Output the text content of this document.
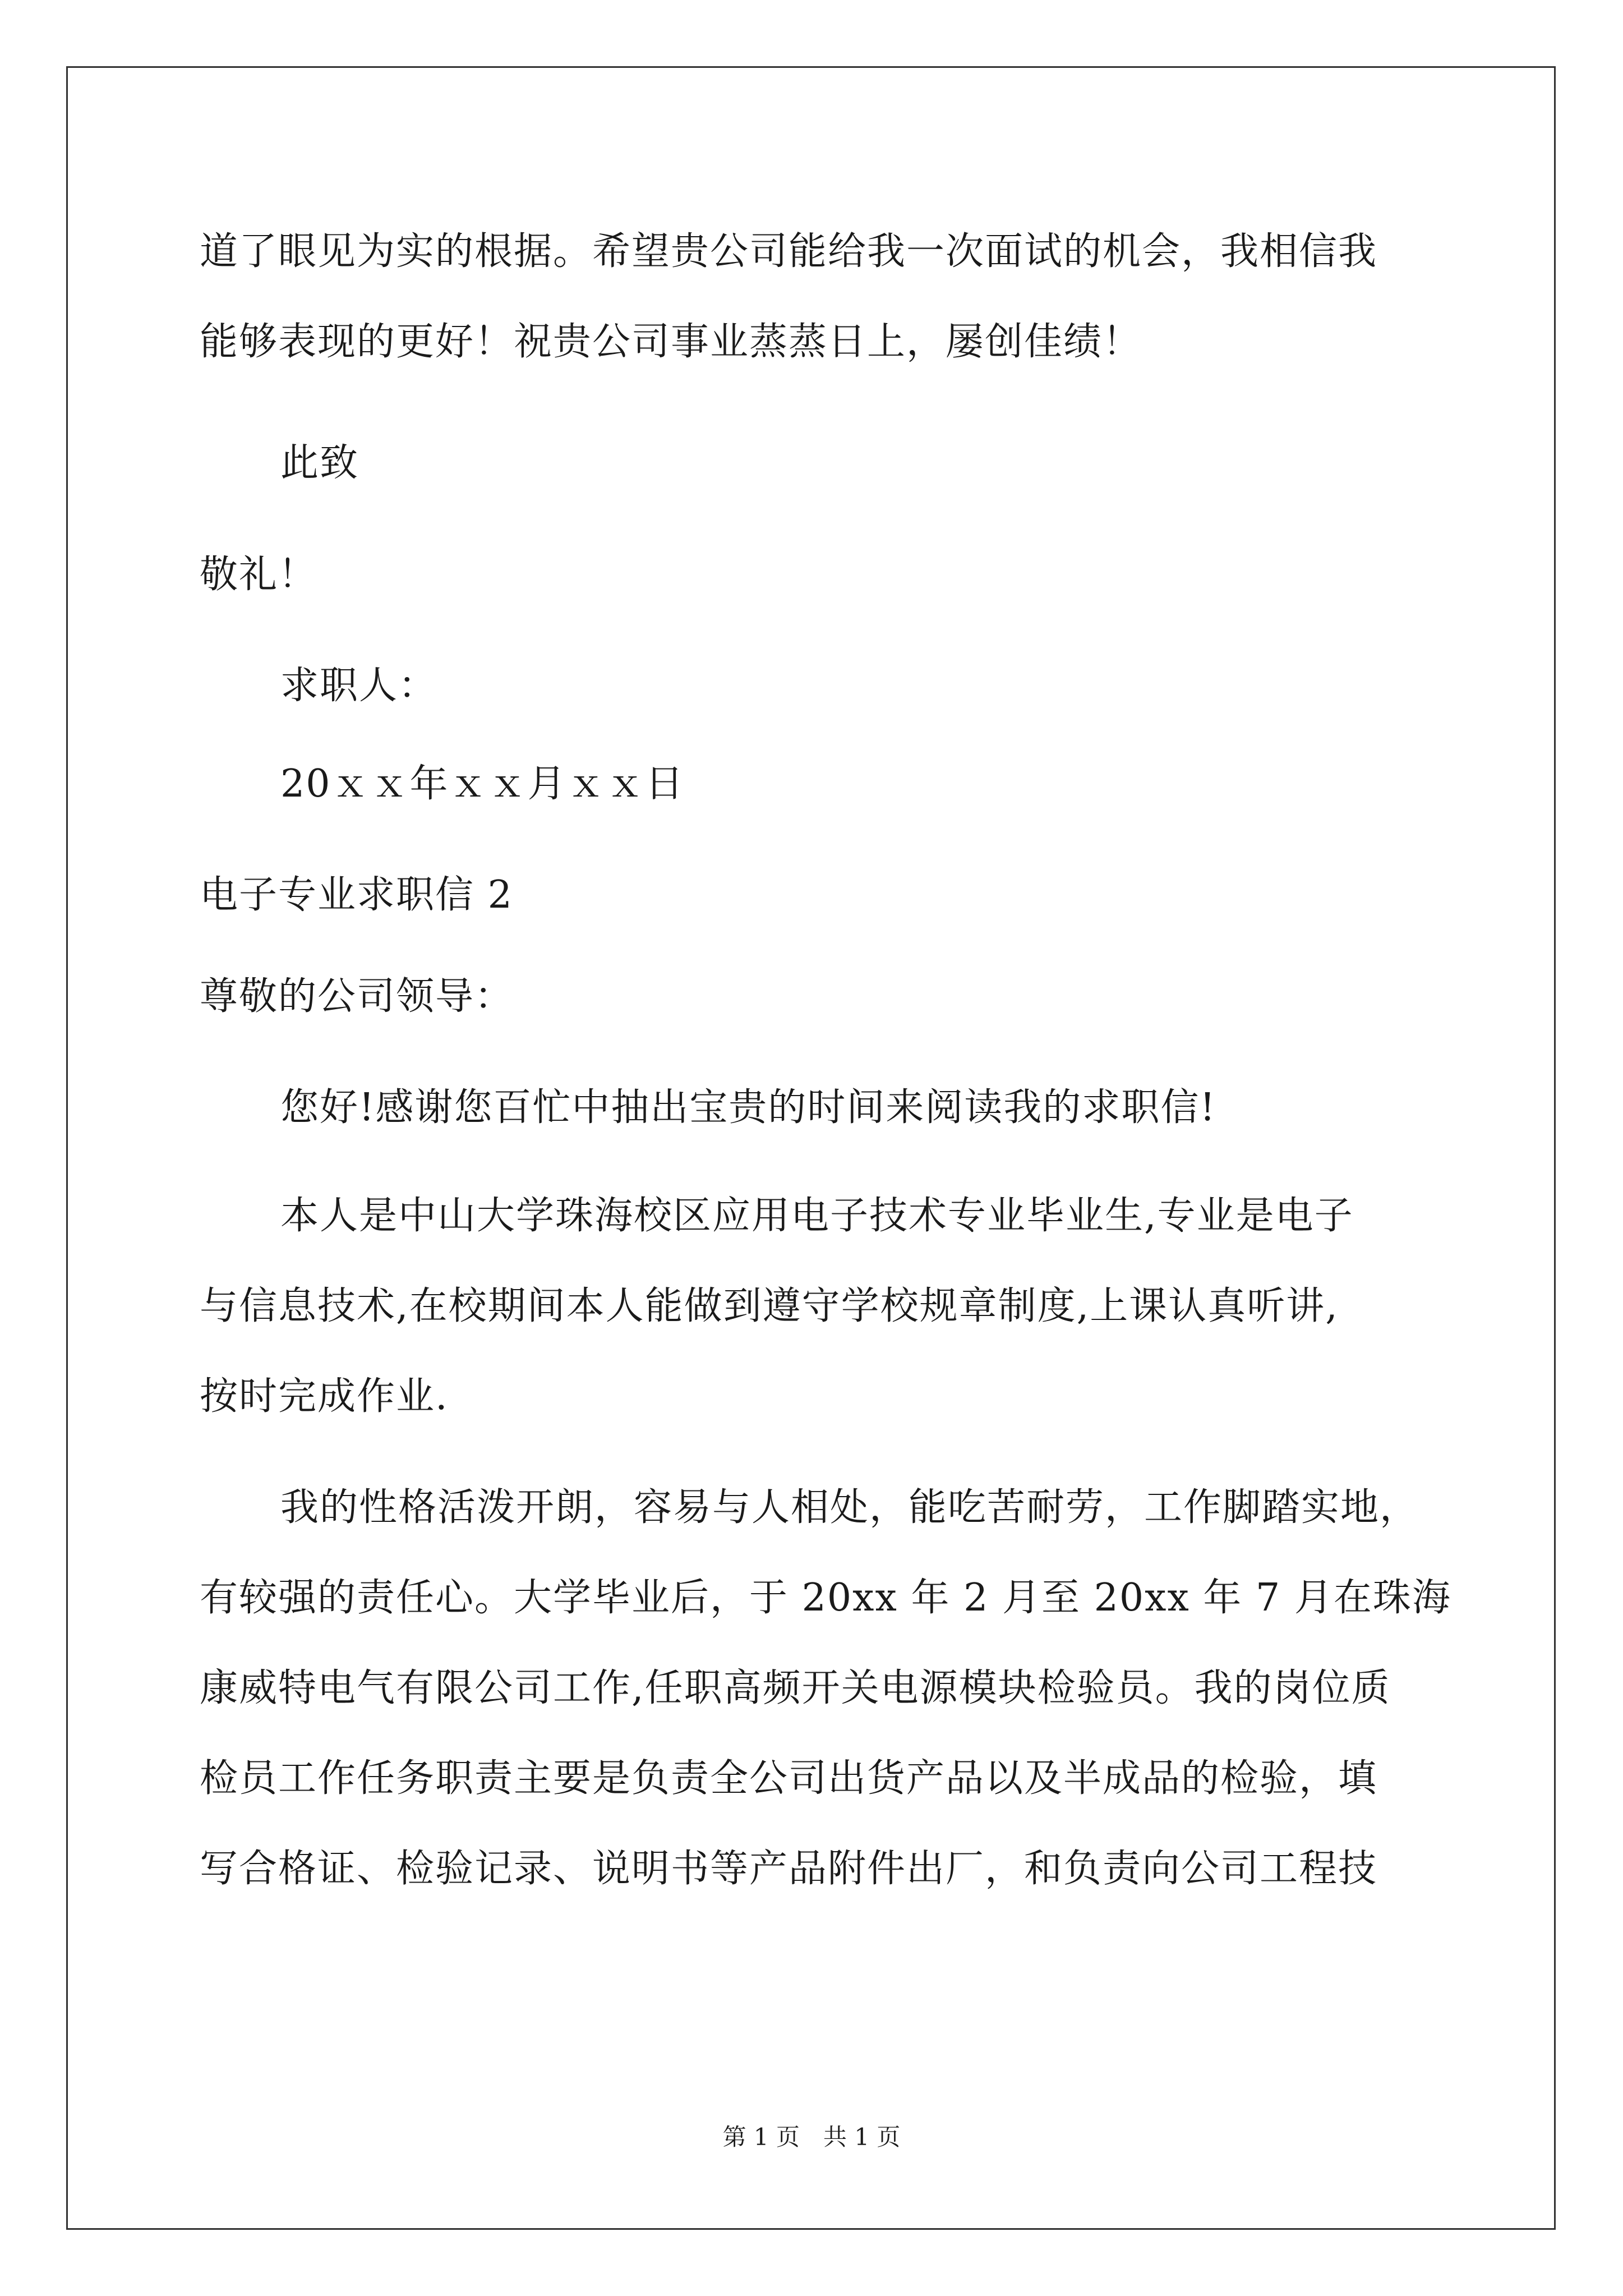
道了眼见为实的根据。希望贵公司能给我一次面试的机会，我相信我
能够表现的更好！祝贵公司事业蒸蒸日上，屡创佳绩！
此致
敬礼！
求职人：
20ｘｘ年ｘｘ月ｘｘ日
电子专业求职信 2
尊敬的公司领导：
您好!感谢您百忙中抽出宝贵的时间来阅读我的求职信!
本人是中山大学珠海校区应用电子技术专业毕业生,专业是电子
与信息技术,在校期间本人能做到遵守学校规章制度,上课认真听讲,
按时完成作业.
我的性格活泼开朗，容易与人相处，能吃苦耐劳，工作脚踏实地，
有较强的责任心。大学毕业后，于 20xx 年 2 月至 20xx 年 7 月在珠海
康威特电气有限公司工作,任职高频开关电源模块检验员。我的岗位质
检员工作任务职责主要是负责全公司出货产品以及半成品的检验，填
写合格证、检验记录、说明书等产品附件出厂，和负责向公司工程技
第 1 页　共 1 页
